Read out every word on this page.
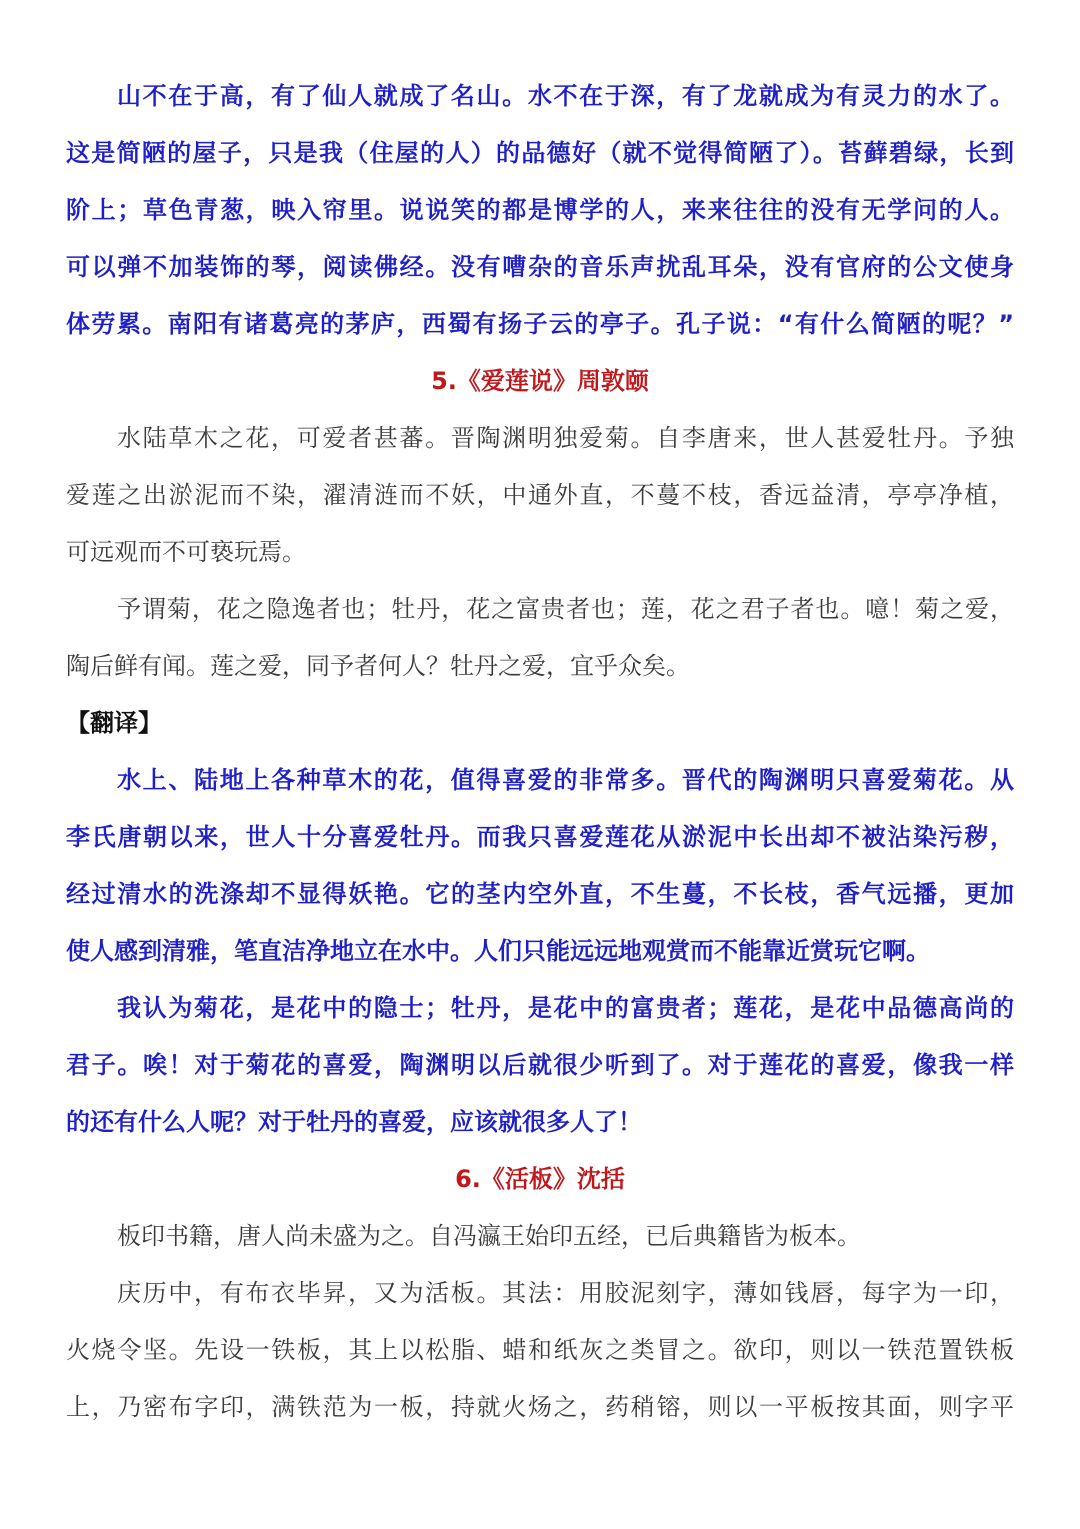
山不在于高，有了仙人就成了名山。水不在于深，有了龙就成为有灵力的水了。
这是简陋的屋子，只是我（住屋的人）的品德好（就不觉得简陋了）。苔藓碧绿，长到
阶上；草色青葱，映入帘里。说说笑的都是博学的人，来来往往的没有无学问的人。
可以弹不加装饰的琴，阅读佛经。没有嘈杂的音乐声扰乱耳朵，没有官府的公文使身
体劳累。南阳有诸葛亮的茅庐，西蜀有扬子云的亭子。孔子说：“有什么简陋的呢？”
5.《爱莲说》周敦颐
水陆草木之花，可爱者甚蕃。晋陶渊明独爱菊。自李唐来，世人甚爱牡丹。予独
爱莲之出淤泥而不染，濯清涟而不妖，中通外直，不蔓不枝，香远益清，亭亭净植，
可远观而不可亵玩焉。
予谓菊，花之隐逸者也；牡丹，花之富贵者也；莲，花之君子者也。噫！菊之爱，
陶后鲜有闻。莲之爱，同予者何人？牡丹之爱，宜乎众矣。
【翻译】
水上、陆地上各种草木的花，值得喜爱的非常多。晋代的陶渊明只喜爱菊花。从
李氏唐朝以来，世人十分喜爱牡丹。而我只喜爱莲花从淤泥中长出却不被沾染污秽，
经过清水的洗涤却不显得妖艳。它的茎内空外直，不生蔓，不长枝，香气远播，更加
使人感到清雅，笔直洁净地立在水中。人们只能远远地观赏而不能靠近赏玩它啊。
我认为菊花，是花中的隐士；牡丹，是花中的富贵者；莲花，是花中品德高尚的
君子。唉！对于菊花的喜爱，陶渊明以后就很少听到了。对于莲花的喜爱，像我一样
的还有什么人呢？对于牡丹的喜爱，应该就很多人了！
6.《活板》沈括
板印书籍，唐人尚未盛为之。自冯瀛王始印五经，已后典籍皆为板本。
庆历中，有布衣毕昇，又为活板。其法：用胶泥刻字，薄如钱唇，每字为一印，
火烧令坚。先设一铁板，其上以松脂、蜡和纸灰之类冒之。欲印，则以一铁范置铁板
上，乃密布字印，满铁范为一板，持就火炀之，药稍镕，则以一平板按其面，则字平
